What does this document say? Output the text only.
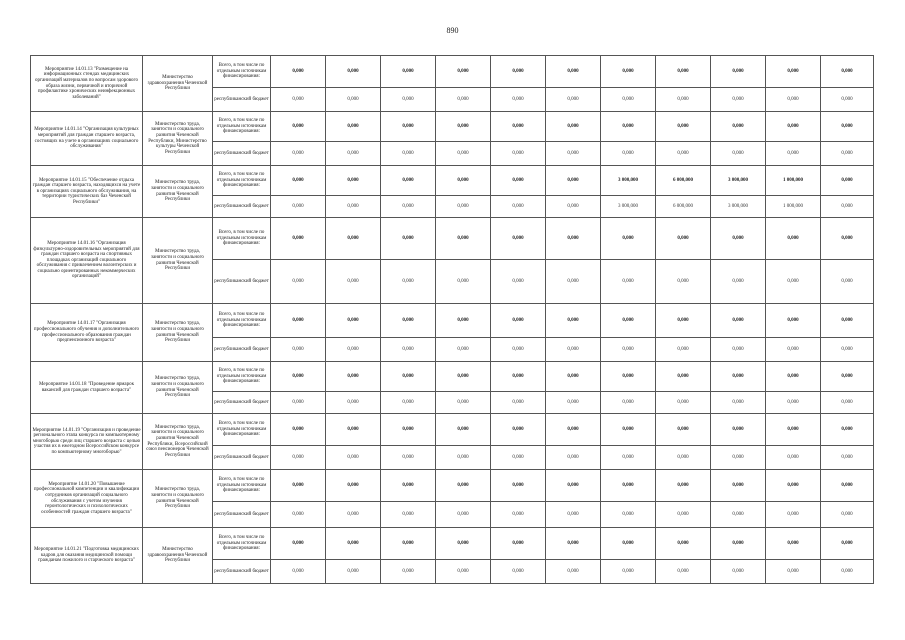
890
Мероприятие 14.01.13 "Размещение на информационных стендах медицинских организаций материалов по вопросам здорового образа жизни, первичной и вторичной профилактике хронических неинфекционных заболеваний"	Министерство здравоохранения Чеченской Республики	Всего, в том числе по отдельным источникам финансирования:	0,000	0,000	0,000	0,000	0,000	0,000	0,000	0,000	0,000	0,000	0,000
		республиканский бюджет	0,000	0,000	0,000	0,000	0,000	0,000	0,000	0,000	0,000	0,000	0,000
Мероприятие 14.01.14 "Организация культурных мероприятий для граждан старшего возраста, состоящих на учете в организациях социального обслуживания"	Министерство труда, занятости и социального развития Чеченской Республики, Министерство культуры Чеченской Республики	Всего, в том числе по отдельным источникам финансирования:	0,000	0,000	0,000	0,000	0,000	0,000	0,000	0,000	0,000	0,000	0,000
		республиканский бюджет	0,000	0,000	0,000	0,000	0,000	0,000	0,000	0,000	0,000	0,000	0,000
Мероприятие 14.01.15 "Обеспечение отдыха граждан старшего возраста, находящихся на учете в организациях социального обслуживания, на территории туристических баз Чеченской Республики"	Министерство труда, занятости и социального развития Чеченской Республики	Всего, в том числе по отдельным источникам финансирования:	0,000	0,000	0,000	0,000	0,000	0,000	3 000,000	6 000,000	3 000,000	1 000,000	0,000
		республиканский бюджет	0,000	0,000	0,000	0,000	0,000	0,000	3 000,000	6 000,000	3 000,000	1 000,000	0,000
Мероприятие 14.01.16 "Организация физкультурно-оздоровительных мероприятий для граждан старшего возраста на спортивных площадках организаций социального обслуживания с привлечением волонтерских и социально ориентированных некоммерческих организаций"	Министерство труда, занятости и социального развития Чеченской Республики	Всего, в том числе по отдельным источникам финансирования:	0,000	0,000	0,000	0,000	0,000	0,000	0,000	0,000	0,000	0,000	0,000
		республиканский бюджет	0,000	0,000	0,000	0,000	0,000	0,000	0,000	0,000	0,000	0,000	0,000
Мероприятие 14.01.17 "Организация профессионального обучения и дополнительного профессионального образования граждан предпенсионного возраста"	Министерство труда, занятости и социального развития Чеченской Республики	Всего, в том числе по отдельным источникам финансирования:	0,000	0,000	0,000	0,000	0,000	0,000	0,000	0,000	0,000	0,000	0,000
		республиканский бюджет	0,000	0,000	0,000	0,000	0,000	0,000	0,000	0,000	0,000	0,000	0,000
Мероприятие 14.01.18 "Проведение ярмарок вакансий для граждан старшего возраста"	Министерство труда, занятости и социального развития Чеченской Республики	Всего, в том числе по отдельным источникам финансирования:	0,000	0,000	0,000	0,000	0,000	0,000	0,000	0,000	0,000	0,000	0,000
		республиканский бюджет	0,000	0,000	0,000	0,000	0,000	0,000	0,000	0,000	0,000	0,000	0,000
Мероприятие 14.01.19 "Организация и проведение регионального этапа конкурса по компьютерному многоборью среди лиц старшего возраста с целью участия их в ежегодном Всероссийском конкурсе по компьютерному многоборью"	Министерство труда, занятости и социального развития Чеченской Республики, Всероссийский союз пенсионеров Чеченской Республики	Всего, в том числе по отдельным источникам финансирования:	0,000	0,000	0,000	0,000	0,000	0,000	0,000	0,000	0,000	0,000	0,000
		республиканский бюджет	0,000	0,000	0,000	0,000	0,000	0,000	0,000	0,000	0,000	0,000	0,000
Мероприятие 14.01.20 "Повышение профессиональной компетенции и квалификации сотрудников организаций социального обслуживания с учетом изучения геронтологических и психологических особенностей граждан старшего возраста"	Министерство труда, занятости и социального развития Чеченской Республики	Всего, в том числе по отдельным источникам финансирования:	0,000	0,000	0,000	0,000	0,000	0,000	0,000	0,000	0,000	0,000	0,000
		республиканский бюджет	0,000	0,000	0,000	0,000	0,000	0,000	0,000	0,000	0,000	0,000	0,000
Мероприятие 14.01.21 "Подготовка медицинских кадров для оказания медицинской помощи гражданам пожилого и старческого возраста"	Министерство здравоохранения Чеченской Республики	Всего, в том числе по отдельным источникам финансирования:	0,000	0,000	0,000	0,000	0,000	0,000	0,000	0,000	0,000	0,000	0,000
		республиканский бюджет	0,000	0,000	0,000	0,000	0,000	0,000	0,000	0,000	0,000	0,000	0,000
